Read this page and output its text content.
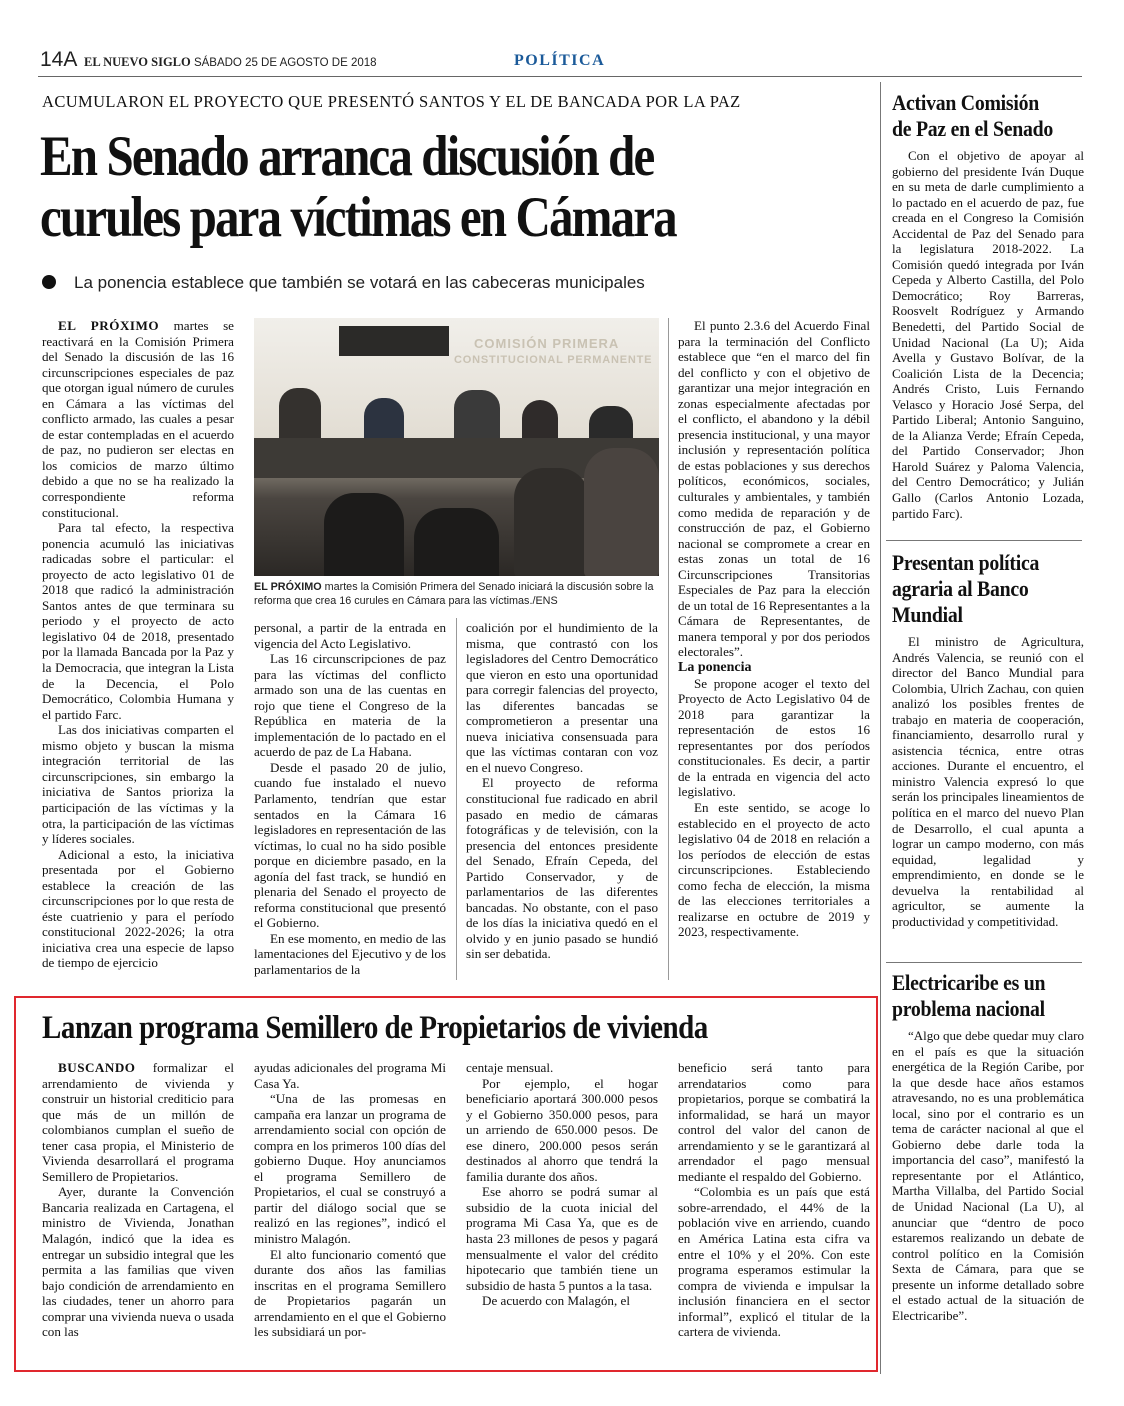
14A EL NUEVO SIGLO SÁBADO 25 DE AGOSTO DE 2018	POLÍTICA
ACUMULARON EL PROYECTO QUE PRESENTÓ SANTOS Y EL DE BANCADA POR LA PAZ
En Senado arranca discusión de
curules para víctimas en Cámara
La ponencia establece que también se votará en las cabeceras municipales

EL PRÓXIMO martes se reactivará en la Comisión Primera del Senado la discusión de las 16 circunscripciones especiales de paz que otorgan igual número de curules en Cámara a las víctimas del conflicto armado, las cuales a pesar de estar contempladas en el acuerdo de paz, no pudieron ser electas en los comicios de marzo último debido a que no se ha realizado la correspondiente reforma constitucional.

Para tal efecto, la respectiva ponencia acumuló las iniciativas radicadas sobre el particular: el proyecto de acto legislativo 01 de 2018 que radicó la administración Santos antes de que terminara su periodo y el proyecto de acto legislativo 04 de 2018, presentado por la llamada Bancada por la Paz y la Democracia, que integran la Lista de la Decencia, el Polo Democrático, Colombia Humana y el partido Farc.

Las dos iniciativas comparten el mismo objeto y buscan la misma integración territorial de las circunscripciones, sin embargo la iniciativa de Santos prioriza la participación de las víctimas y la otra, la participación de las víctimas y líderes sociales.

Adicional a esto, la iniciativa presentada por el Gobierno establece la creación de las circunscripciones por lo que resta de éste cuatrienio y para el período constitucional 2022-2026; la otra iniciativa crea una especie de lapso de tiempo de ejercicio

COMISIÓN PRIMERA
CONSTITUCIONAL PERMANENTE
EL PRÓXIMO martes la Comisión Primera del Senado iniciará la discusión sobre la reforma que crea 16 curules en Cámara para las víctimas./ENS

personal, a partir de la entrada en vigencia del Acto Legislativo.

Las 16 circunscripciones de paz para las víctimas del conflicto armado son una de las cuentas en rojo que tiene el Congreso de la República en materia de la implementación de lo pactado en el acuerdo de paz de La Habana.

Desde el pasado 20 de julio, cuando fue instalado el nuevo Parlamento, tendrían que estar sentados en la Cámara 16 legisladores en representación de las víctimas, lo cual no ha sido posible porque en diciembre pasado, en la agonía del fast track, se hundió en plenaria del Senado el proyecto de reforma constitucional que presentó el Gobierno.

En ese momento, en medio de las lamentaciones del Ejecutivo y de los parlamentarios de la

coalición por el hundimiento de la misma, que contrastó con los legisladores del Centro Democrático que vieron en esto una oportunidad para corregir falencias del proyecto, las diferentes bancadas se comprometieron a presentar una nueva iniciativa consensuada para que las víctimas contaran con voz en el nuevo Congreso.

El proyecto de reforma constitucional fue radicado en abril pasado en medio de cámaras fotográficas y de televisión, con la presencia del entonces presidente del Senado, Efraín Cepeda, del Partido Conservador, y de parlamentarios de las diferentes bancadas. No obstante, con el paso de los días la iniciativa quedó en el olvido y en junio pasado se hundió sin ser debatida.

El punto 2.3.6 del Acuerdo Final para la terminación del Conflicto establece que “en el marco del fin del conflicto y con el objetivo de garantizar una mejor integración en zonas especialmente afectadas por el conflicto, el abandono y la débil presencia institucional, y una mayor inclusión y representación política de estas poblaciones y sus derechos políticos, económicos, sociales, culturales y ambientales, y también como medida de reparación y de construcción de paz, el Gobierno nacional se compromete a crear en estas zonas un total de 16 Circunscripciones Transitorias Especiales de Paz para la elección de un total de 16 Representantes a la Cámara de Representantes, de manera temporal y por dos periodos electorales”.

La ponencia

Se propone acoger el texto del Proyecto de Acto Legislativo 04 de 2018 para garantizar la representación de estos 16 representantes por dos períodos constitucionales. Es decir, a partir de la entrada en vigencia del acto legislativo.

En este sentido, se acoge lo establecido en el proyecto de acto legislativo 04 de 2018 en relación a los períodos de elección de estas circunscripciones. Estableciendo como fecha de elección, la misma de las elecciones territoriales a realizarse en octubre de 2019 y 2023, respectivamente.

Lanzan programa Semillero de Propietarios de vivienda

BUSCANDO formalizar el arrendamiento de vivienda y construir un historial crediticio para que más de un millón de colombianos cumplan el sueño de tener casa propia, el Ministerio de Vivienda desarrollará el programa Semillero de Propietarios.

Ayer, durante la Convención Bancaria realizada en Cartagena, el ministro de Vivienda, Jonathan Malagón, indicó que la idea es entregar un subsidio integral que les permita a las familias que viven bajo condición de arrendamiento en las ciudades, tener un ahorro para comprar una vivienda nueva o usada con las

ayudas adicionales del programa Mi Casa Ya.

“Una de las promesas en campaña era lanzar un programa de arrendamiento social con opción de compra en los primeros 100 días del gobierno Duque. Hoy anunciamos el programa Semillero de Propietarios, el cual se construyó a partir del diálogo social que se realizó en las regiones”, indicó el ministro Malagón.

El alto funcionario comentó que durante dos años las familias inscritas en el programa Semillero de Propietarios pagarán un arrendamiento en el que el Gobierno les subsidiará un por-

centaje mensual.

Por ejemplo, el hogar beneficiario aportará 300.000 pesos y el Gobierno 350.000 pesos, para un arriendo de 650.000 pesos. De ese dinero, 200.000 pesos serán destinados al ahorro que tendrá la familia durante dos años.

Ese ahorro se podrá sumar al subsidio de la cuota inicial del programa Mi Casa Ya, que es de hasta 23 millones de pesos y pagará mensualmente el valor del crédito hipotecario que también tiene un subsidio de hasta 5 puntos a la tasa.

De acuerdo con Malagón, el

beneficio será tanto para arrendatarios como para propietarios, porque se combatirá la informalidad, se hará un mayor control del valor del canon de arrendamiento y se le garantizará al arrendador el pago mensual mediante el respaldo del Gobierno.

“Colombia es un país que está sobre-arrendado, el 44% de la población vive en arriendo, cuando en América Latina esta cifra va entre el 10% y el 20%. Con este programa esperamos estimular la compra de vivienda e impulsar la inclusión financiera en el sector informal”, explicó el titular de la cartera de vivienda.

Activan Comisión
de Paz en el Senado

Con el objetivo de apoyar al gobierno del presidente Iván Duque en su meta de darle cumplimiento a lo pactado en el acuerdo de paz, fue creada en el Congreso la Comisión Accidental de Paz del Senado para la legislatura 2018-2022. La Comisión quedó integrada por Iván Cepeda y Alberto Castilla, del Polo Democrático; Roy Barreras, Roosvelt Rodríguez y Armando Benedetti, del Partido Social de Unidad Nacional (La U); Aida Avella y Gustavo Bolívar, de la Coalición Lista de la Decencia; Andrés Cristo, Luis Fernando Velasco y Horacio José Serpa, del Partido Liberal; Antonio Sanguino, de la Alianza Verde; Efraín Cepeda, del Partido Conservador; Jhon Harold Suárez y Paloma Valencia, del Centro Democrático; y Julián Gallo (Carlos Antonio Lozada, partido Farc).

Presentan política
agraria al Banco
Mundial

El ministro de Agricultura, Andrés Valencia, se reunió con el director del Banco Mundial para Colombia, Ulrich Zachau, con quien analizó los posibles frentes de trabajo en materia de cooperación, financiamiento, desarrollo rural y asistencia técnica, entre otras acciones. Durante el encuentro, el ministro Valencia expresó lo que serán los principales lineamientos de política en el marco del nuevo Plan de Desarrollo, el cual apunta a lograr un campo moderno, con más equidad, legalidad y emprendimiento, en donde se le devuelva la rentabilidad al agricultor, se aumente la productividad y competitividad.

Electricaribe es un
problema nacional

“Algo que debe quedar muy claro en el país es que la situación energética de la Región Caribe, por la que desde hace años estamos atravesando, no es una problemática local, sino por el contrario es un tema de carácter nacional al que el Gobierno debe darle toda la importancia del caso”, manifestó la representante por el Atlántico, Martha Villalba, del Partido Social de Unidad Nacional (La U), al anunciar que “dentro de poco estaremos realizando un debate de control político en la Comisión Sexta de Cámara, para que se presente un informe detallado sobre el estado actual de la situación de Electricaribe”.
